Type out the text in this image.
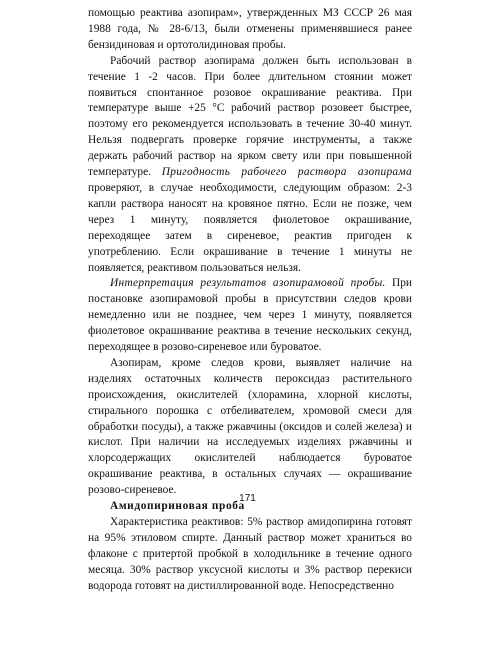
помощью реактива азопирам», утвержденных МЗ СССР 26 мая 1988 года, № 28-6/13, были отменены применявшиеся ранее бензидиновая и ортотолидиновая пробы.

Рабочий раствор азопирама должен быть использован в течение 1 -2 часов. При более длительном стоянии может появиться спонтанное розовое окрашивание реактива. При температуре выше +25 °С рабочий раствор розовеет быстрее, поэтому его рекомендуется использовать в течение 30-40 минут. Нельзя подвергать проверке горячие инструменты, а также держать рабочий раствор на ярком свету или при повышенной температуре. Пригодность рабочего раствора азопирама проверяют, в случае необходимости, следующим образом: 2-3 капли раствора наносят на кровяное пятно. Если не позже, чем через 1 минуту, появляется фиолетовое окрашивание, переходящее затем в сиреневое, реактив пригоден к употреблению. Если окрашивание в течение 1 минуты не появляется, реактивом пользоваться нельзя.

Интерпретация результатов азопирамовой пробы. При постановке азопирамовой пробы в присутствии следов крови немедленно или не позднее, чем через 1 минуту, появляется фиолетовое окрашивание реактива в течение нескольких секунд, переходящее в розово-сиреневое или буроватое.

Азопирам, кроме следов крови, выявляет наличие на изделиях остаточных количеств пероксидаз растительного происхождения, окислителей (хлорамина, хлорной кислоты, стирального порошка с отбеливателем, хромовой смеси для обработки посуды), а также ржавчины (оксидов и солей железа) и кислот. При наличии на исследуемых изделиях ржавчины и хлорсодержащих окислителей наблюдается буроватое окрашивание реактива, в остальных случаях — окрашивание розово-сиреневое.

Амидопириновая проба

Характеристика реактивов: 5% раствор амидопирина готовят на 95% этиловом спирте. Данный раствор может храниться во флаконе с притертой пробкой в холодильнике в течение одного месяца. 30% раствор уксусной кислоты и 3% раствор перекиси водорода готовят на дистиллированной воде. Непосредственно

171
